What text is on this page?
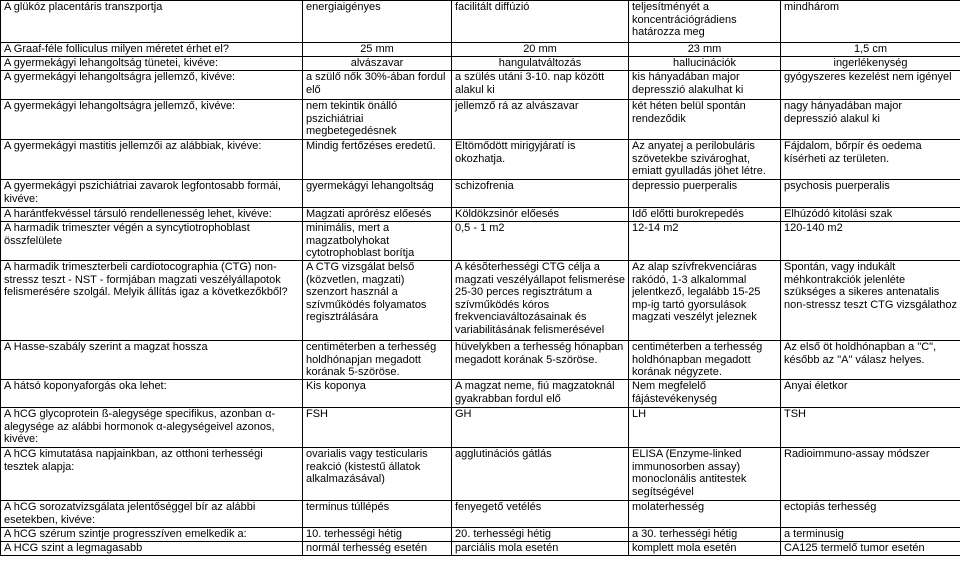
A glükóz placentáris transzportja	energiaigényes	facilitált diffúzió	teljesítményét a koncentrációgrádiens határozza meg	mindhárom
A Graaf-féle folliculus milyen méretet érhet el?	25 mm	20 mm	23 mm	1,5 cm
A gyermekágyi lehangoltság tünetei, kivéve:	alvászavar	hangulatváltozás	hallucinációk	ingerlékenység
A gyermekágyi lehangoltságra jellemző, kivéve:	a szülő nők 30%-ában fordul elő	a szülés utáni 3-10. nap között alakul ki	kis hányadában major depresszió alakulhat ki	gyógyszeres kezelést nem igényel
A gyermekágyi lehangoltságra jellemző, kivéve:	nem tekintik önálló pszichiátriai megbetegedésnek	jellemző rá az alvászavar	két héten belül spontán rendeződik	nagy hányadában major depresszió alakul ki
A gyermekágyi mastitis jellemzői az alábbiak, kivéve:	Mindig fertőzéses eredetű.	Eltömődött mirigyjáratí is okozhatja.	Az anyatej a perilobuláris szövetekbe szivároghat, emiatt gyulladás jöhet létre.	Fájdalom, bőrpír és oedema kísérheti az területen.
A gyermekágyi pszichiátriai zavarok legfontosabb formái, kivéve:	gyermekágyi lehangoltság	schizofrenia	depressio puerperalis	psychosis puerperalis
A harántfekvéssel társuló rendellenesség lehet, kivéve:	Magzati aprórész előesés	Köldökzsinór előesés	Idő előtti burokrepedés	Elhúzódó kitolási szak
A harmadik trimeszter végén a syncytiotrophoblast összfelülete	minimális, mert a magzatbolyhokat cytotrophoblast borítja	0,5 - 1 m2	12-14 m2	120-140 m2
A harmadik trimeszterbeli cardiotocographia (CTG) non-stressz teszt - NST - formjában magzati veszélyállapotok felismerésére szolgál. Melyik állítás igaz a következőkből?	A CTG vizsgálat belső (közvetlen, magzati) szenzort használ a szívműködés folyamatos regisztrálására	A késõterhességi CTG célja a magzati veszélyállapot felismerése 25-30 perces regisztrátum a szívműködés kóros frekvenciaváltozásainak és variabilitásának felismerésével	Az alap szívfrekvenciáras rakódó, 1-3 alkalommal jelentkező, legalább 15-25 mp-ig tartó gyorsulások magzati veszélyt jeleznek	Spontán, vagy indukált méhkontrakciók jelenléte szükséges a sikeres antenatalis non-stressz teszt CTG vizsgálathoz
A Hasse-szabály szerint a magzat hossza	centiméterben a terhesség holdhónapjan megadott korának 5-szöröse.	hüvelykben a terhesség hónapban megadott korának 5-szöröse.	centiméterben a terhesség holdhónapban megadott korának négyzete.	Az első öt holdhónapban a "C", később az "A" válasz helyes.
A hátsó koponyaforgás oka lehet:	Kis koponya	A magzat neme, fiú magzatoknál gyakrabban fordul elő	Nem megfelelő fájástevékenység	Anyai életkor
A hCG glycoprotein ß-alegysége specifikus, azonban α-alegysége az alábbi hormonok α-alegységeivel azonos, kivéve:	FSH	GH	LH	TSH
A hCG kimutatása napjainkban, az otthoni terhességi tesztek alapja:	ovarialis vagy testicularis reakció (kistestű állatok alkalmazásával)	agglutinációs gátlás	ELISA (Enzyme-linked immunosorben assay) monoclonális antitestek segítségével	Radioimmuno-assay módszer
A hCG sorozatvizsgálata jelentőséggel bír az alábbi esetekben, kivéve:	terminus túllépés	fenyegető vetélés	molaterhesség	ectopiás terhesség
A hCG szérum szintje progresszíven emelkedik a:	10. terhességi hétig	20. terhességi hétig	a 30. terhességi hétig	a terminusig
A HCG szint a legmagasabb	normál terhesség esetén	parciális mola esetén	komplett mola esetén	CA125 termelő tumor esetén
